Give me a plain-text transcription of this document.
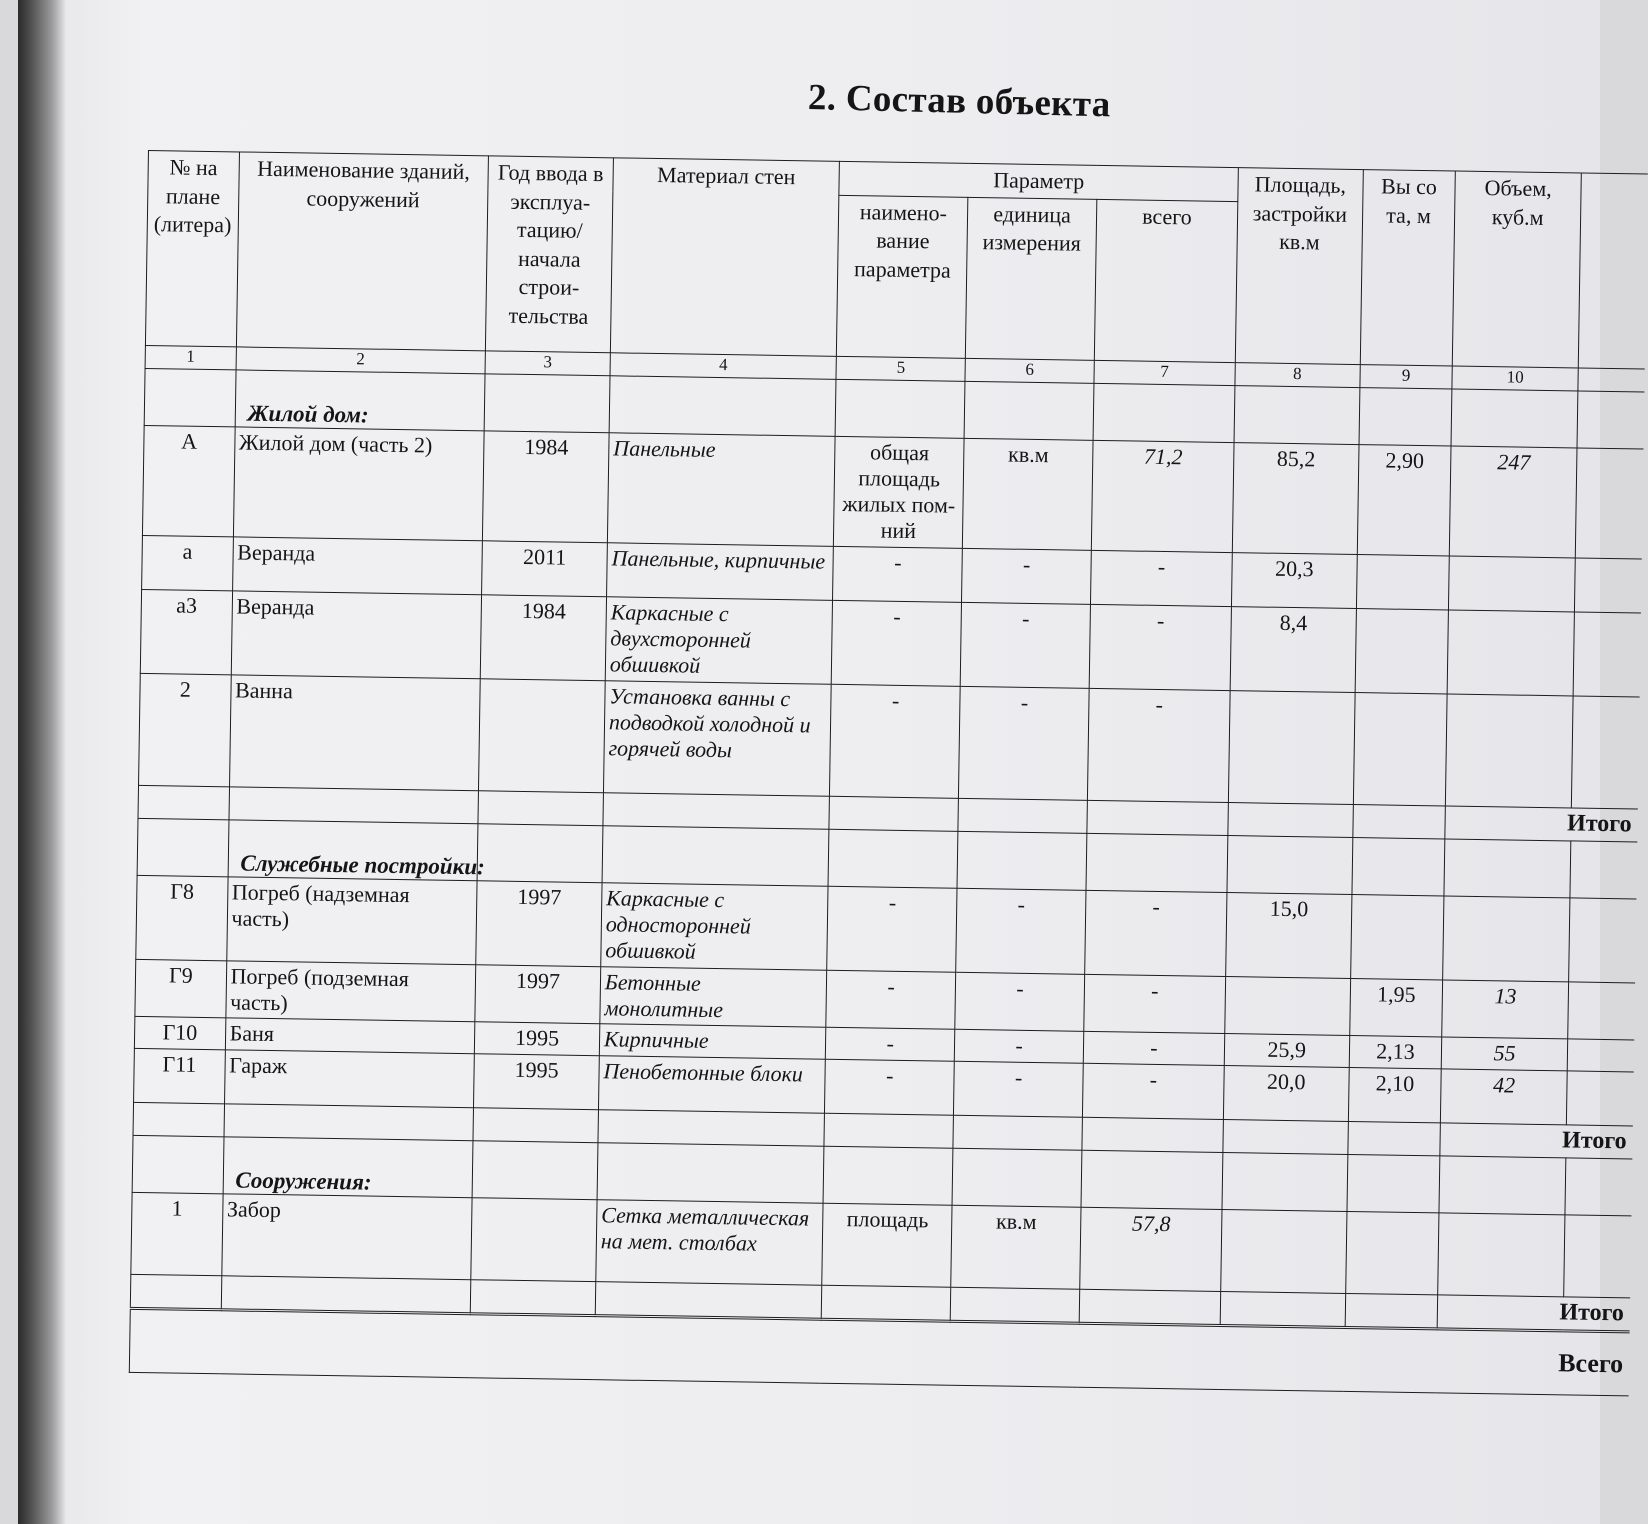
2. Состав объекта
№ на плане (литера)	Наименование зданий, сооружений	Год ввода в эксплуа-тацию/ начала строи-тельства	Материал стен	Параметр			Площадь, застройки кв.м	Вы со та, м	Объем, куб.м	
				наимено-вание параметра	единица измерения	всего				
1	2	3	4	5	6	7	8	9	10	
	Жилой дом:									
А	Жилой дом (часть 2)	1984	Панельные	общая площадь жилых пом-ний	кв.м	71,2	85,2	2,90	247	
а	Веранда	2011	Панельные, кирпичные	-	-	-	20,3			
а3	Веранда	1984	Каркасные с двухсторонней обшивкой	-	-	-	8,4			
2	Ванна		Установка ванны с подводкой холодной и горячей воды	-	-	-				
									Итого	
	Служебные постройки:									
Г8	Погреб (надземная часть)	1997	Каркасные с односторонней обшивкой	-	-	-	15,0			
Г9	Погреб (подземная часть)	1997	Бетонные монолитные	-	-	-		1,95	13	
Г10	Баня	1995	Кирпичные	-	-	-	25,9	2,13	55	
Г11	Гараж	1995	Пенобетонные блоки	-	-	-	20,0	2,10	42	
									Итого	
	Сооружения:									
1	Забор		Сетка металлическая на мет. столбах	площадь	кв.м	57,8				
									Итого	
Всего										
